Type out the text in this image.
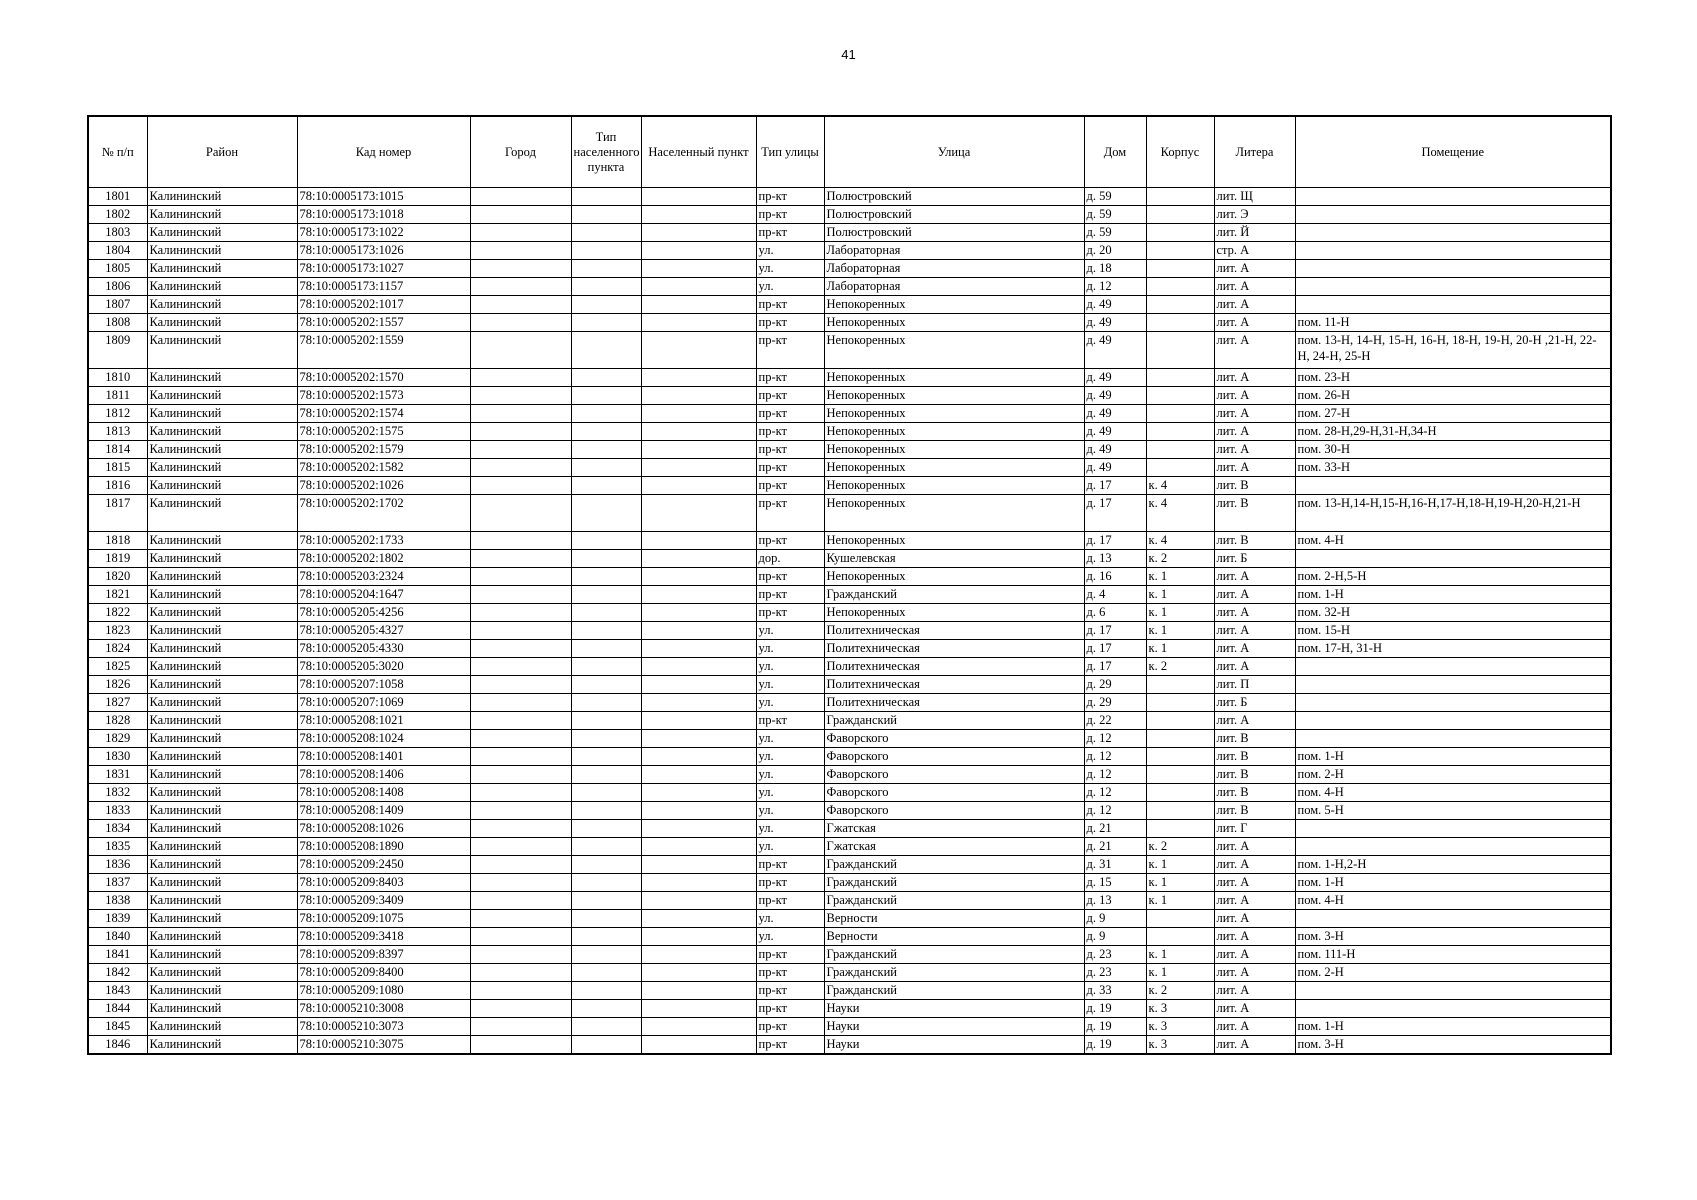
41
№ п/п	Район	Кад номер	Город	Тип населенного пункта	Населенный пункт	Тип улицы	Улица	Дом	Корпус	Литера	Помещение
1801	Калининский	78:10:0005173:1015				пр-кт	Полюстровский	д. 59		лит. Щ	
1802	Калининский	78:10:0005173:1018				пр-кт	Полюстровский	д. 59		лит. Э	
1803	Калининский	78:10:0005173:1022				пр-кт	Полюстровский	д. 59		лит. Й	
1804	Калининский	78:10:0005173:1026				ул.	Лабораторная	д. 20		стр. А	
1805	Калининский	78:10:0005173:1027				ул.	Лабораторная	д. 18		лит. А	
1806	Калининский	78:10:0005173:1157				ул.	Лабораторная	д. 12		лит. А	
1807	Калининский	78:10:0005202:1017				пр-кт	Непокоренных	д. 49		лит. А	
1808	Калининский	78:10:0005202:1557				пр-кт	Непокоренных	д. 49		лит. А	пом. 11-Н
1809	Калининский	78:10:0005202:1559				пр-кт	Непокоренных	д. 49		лит. А	пом. 13-Н, 14-Н, 15-Н, 16-Н, 18-Н, 19-Н, 20-Н ,21-Н, 22-Н, 24-Н, 25-Н
1810	Калининский	78:10:0005202:1570				пр-кт	Непокоренных	д. 49		лит. А	пом. 23-Н
1811	Калининский	78:10:0005202:1573				пр-кт	Непокоренных	д. 49		лит. А	пом. 26-Н
1812	Калининский	78:10:0005202:1574				пр-кт	Непокоренных	д. 49		лит. А	пом. 27-Н
1813	Калининский	78:10:0005202:1575				пр-кт	Непокоренных	д. 49		лит. А	пом. 28-Н,29-Н,31-Н,34-Н
1814	Калининский	78:10:0005202:1579				пр-кт	Непокоренных	д. 49		лит. А	пом. 30-Н
1815	Калининский	78:10:0005202:1582				пр-кт	Непокоренных	д. 49		лит. А	пом. 33-Н
1816	Калининский	78:10:0005202:1026				пр-кт	Непокоренных	д. 17	к. 4	лит. В	
1817	Калининский	78:10:0005202:1702				пр-кт	Непокоренных	д. 17	к. 4	лит. В	пом. 13-Н,14-Н,15-Н,16-Н,17-Н,18-Н,19-Н,20-Н,21-Н
1818	Калининский	78:10:0005202:1733				пр-кт	Непокоренных	д. 17	к. 4	лит. В	пом. 4-Н
1819	Калининский	78:10:0005202:1802				дор.	Кушелевская	д. 13	к. 2	лит. Б	
1820	Калининский	78:10:0005203:2324				пр-кт	Непокоренных	д. 16	к. 1	лит. А	пом. 2-Н,5-Н
1821	Калининский	78:10:0005204:1647				пр-кт	Гражданский	д. 4	к. 1	лит. А	пом. 1-Н
1822	Калининский	78:10:0005205:4256				пр-кт	Непокоренных	д. 6	к. 1	лит. А	пом. 32-Н
1823	Калининский	78:10:0005205:4327				ул.	Политехническая	д. 17	к. 1	лит. А	пом. 15-Н
1824	Калининский	78:10:0005205:4330				ул.	Политехническая	д. 17	к. 1	лит. А	пом. 17-Н, 31-Н
1825	Калининский	78:10:0005205:3020				ул.	Политехническая	д. 17	к. 2	лит. А	
1826	Калининский	78:10:0005207:1058				ул.	Политехническая	д. 29		лит. П	
1827	Калининский	78:10:0005207:1069				ул.	Политехническая	д. 29		лит. Б	
1828	Калининский	78:10:0005208:1021				пр-кт	Гражданский	д. 22		лит. А	
1829	Калининский	78:10:0005208:1024				ул.	Фаворского	д. 12		лит. В	
1830	Калининский	78:10:0005208:1401				ул.	Фаворского	д. 12		лит. В	пом. 1-Н
1831	Калининский	78:10:0005208:1406				ул.	Фаворского	д. 12		лит. В	пом. 2-Н
1832	Калининский	78:10:0005208:1408				ул.	Фаворского	д. 12		лит. В	пом. 4-Н
1833	Калининский	78:10:0005208:1409				ул.	Фаворского	д. 12		лит. В	пом. 5-Н
1834	Калининский	78:10:0005208:1026				ул.	Гжатская	д. 21		лит. Г	
1835	Калининский	78:10:0005208:1890				ул.	Гжатская	д. 21	к. 2	лит. А	
1836	Калининский	78:10:0005209:2450				пр-кт	Гражданский	д. 31	к. 1	лит. А	пом. 1-Н,2-Н
1837	Калининский	78:10:0005209:8403				пр-кт	Гражданский	д. 15	к. 1	лит. А	пом. 1-Н
1838	Калининский	78:10:0005209:3409				пр-кт	Гражданский	д. 13	к. 1	лит. А	пом. 4-Н
1839	Калининский	78:10:0005209:1075				ул.	Верности	д. 9		лит. А	
1840	Калининский	78:10:0005209:3418				ул.	Верности	д. 9		лит. А	пом. 3-Н
1841	Калининский	78:10:0005209:8397				пр-кт	Гражданский	д. 23	к. 1	лит. А	пом. 111-Н
1842	Калининский	78:10:0005209:8400				пр-кт	Гражданский	д. 23	к. 1	лит. А	пом. 2-Н
1843	Калининский	78:10:0005209:1080				пр-кт	Гражданский	д. 33	к. 2	лит. А	
1844	Калининский	78:10:0005210:3008				пр-кт	Науки	д. 19	к. 3	лит. А	
1845	Калининский	78:10:0005210:3073				пр-кт	Науки	д. 19	к. 3	лит. А	пом. 1-Н
1846	Калининский	78:10:0005210:3075				пр-кт	Науки	д. 19	к. 3	лит. А	пом. 3-Н
